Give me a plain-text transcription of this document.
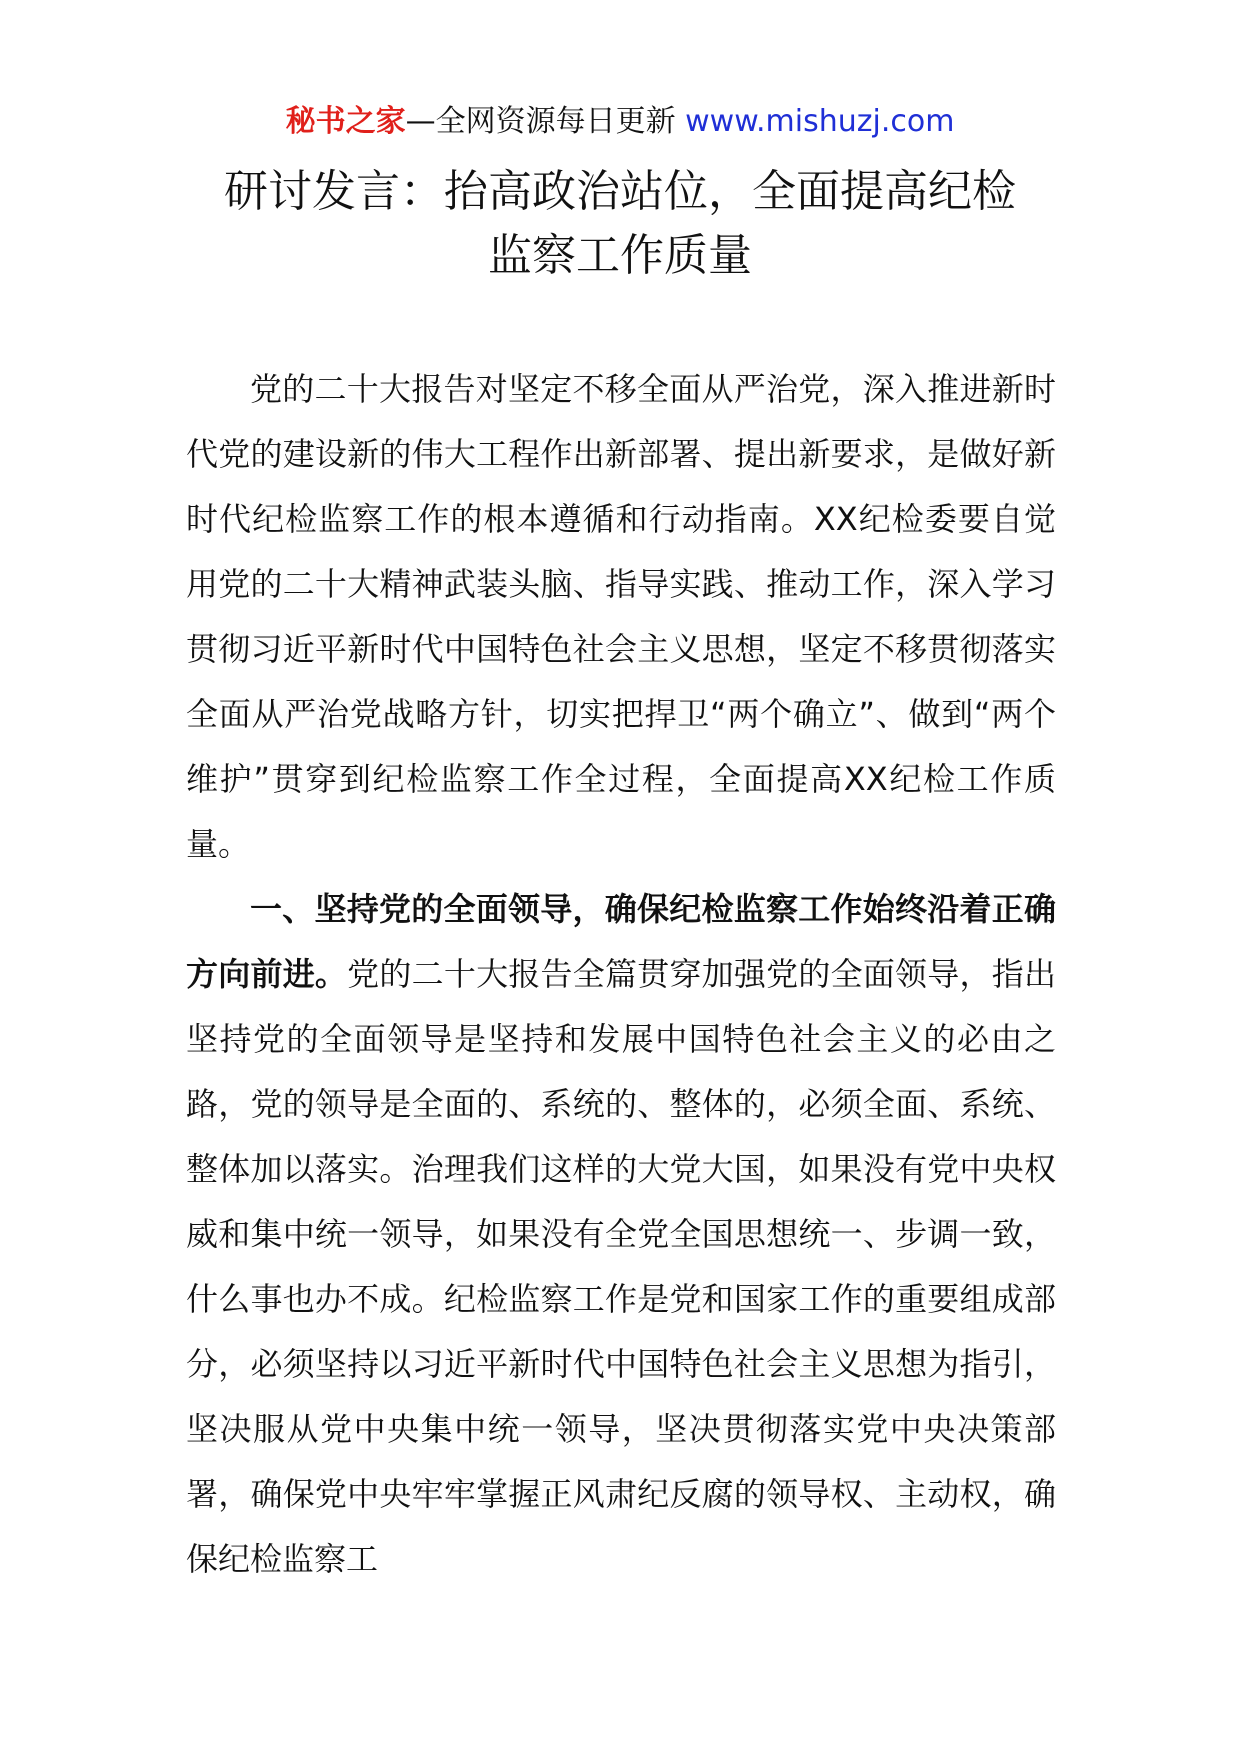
秘书之家—全网资源每日更新 www.mishuzj.com
研讨发言：抬高政治站位，全面提高纪检
监察工作质量

党的二十大报告对坚定不移全面从严治党，深入推进新时代党的建设新的伟大工程作出新部署、提出新要求，是做好新时代纪检监察工作的根本遵循和行动指南。XX纪检委要自觉用党的二十大精神武装头脑、指导实践、推动工作，深入学习贯彻习近平新时代中国特色社会主义思想，坚定不移贯彻落实全面从严治党战略方针，切实把捍卫“两个确立”、做到“两个维护”贯穿到纪检监察工作全过程，全面提高XX纪检工作质量。

一、坚持党的全面领导，确保纪检监察工作始终沿着正确方向前进。党的二十大报告全篇贯穿加强党的全面领导，指出坚持党的全面领导是坚持和发展中国特色社会主义的必由之路，党的领导是全面的、系统的、整体的，必须全面、系统、整体加以落实。治理我们这样的大党大国，如果没有党中央权威和集中统一领导，如果没有全党全国思想统一、步调一致，什么事也办不成。纪检监察工作是党和国家工作的重要组成部分，必须坚持以习近平新时代中国特色社会主义思想为指引，坚决服从党中央集中统一领导，坚决贯彻落实党中央决策部署，确保党中央牢牢掌握正风肃纪反腐的领导权、主动权，确保纪检监察工
